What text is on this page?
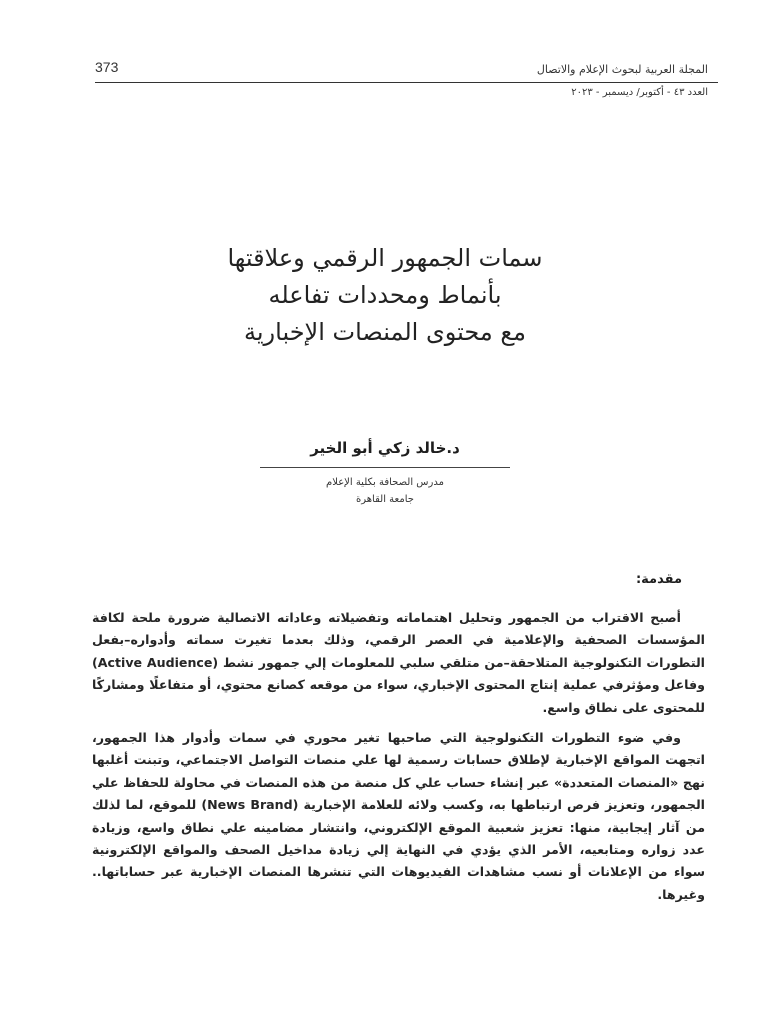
373	المجلة العربية لبحوث الإعلام والاتصال
العدد ٤٣ - أكتوبر/ ديسمبر - ٢٠٢٣
سمات الجمهور الرقمي وعلاقتها
بأنماط ومحددات تفاعله
مع محتوى المنصات الإخبارية
د.خالد زكي أبو الخير
مدرس الصحافة بكلية الإعلام
جامعة القاهرة
مقدمة:

أصبح الاقتراب من الجمهور وتحليل اهتماماته وتفضيلاته وعاداته الاتصالية ضرورة ملحة لكافة المؤسسات الصحفية والإعلامية في العصر الرقمي، وذلك بعدما تغيرت سماته وأدواره–بفعل التطورات التكنولوجية المتلاحقة–من متلقي سلبي للمعلومات إلي جمهور نشط (Active Audience) وفاعل ومؤثرفي عملية إنتاج المحتوى الإخباري، سواء من موقعه كصانع محتوي، أو متفاعلًا ومشاركًا للمحتوى على نطاق واسع.

وفي ضوء التطورات التكنولوجية التي صاحبها تغير محوري في سمات وأدوار هذا الجمهور، اتجهت المواقع الإخبارية لإطلاق حسابات رسمية لها علي منصات التواصل الاجتماعي، وتبنت أغلبها نهج «المنصات المتعددة» عبر إنشاء حساب علي كل منصة من هذه المنصات في محاولة للحفاظ علي الجمهور، وتعزيز فرص ارتباطها به، وكسب ولائه للعلامة الإخبارية (News Brand) للموقع، لما لذلك من آثار إيجابية، منها: تعزيز شعبية الموقع الإلكتروني، وانتشار مضامينه علي نطاق واسع، وزيادة عدد زواره ومتابعيه، الأمر الذي يؤدي في النهاية إلي زيادة مداخيل الصحف والمواقع الإلكترونية سواء من الإعلانات أو نسب مشاهدات الفيديوهات التي تنشرها المنصات الإخبارية عبر حساباتها.. وغيرها.
